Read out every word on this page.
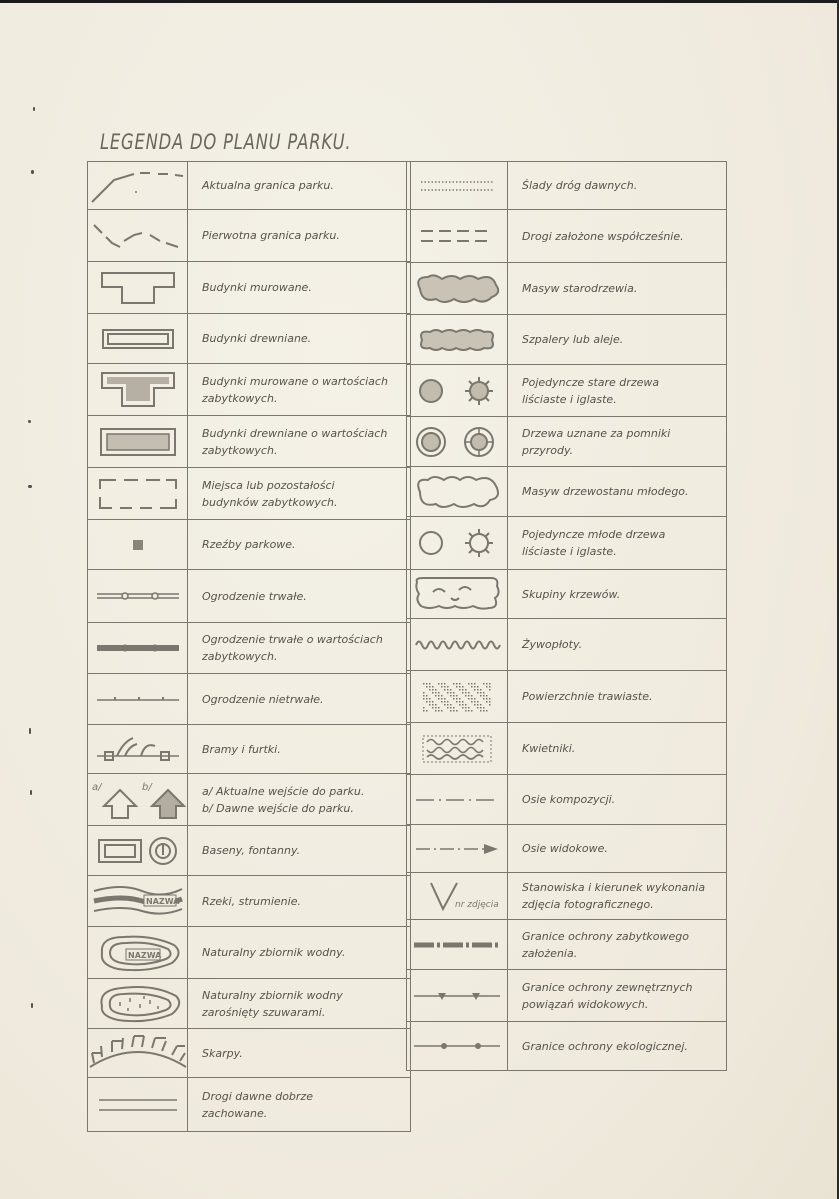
LEGENDA DO PLANU PARKU.
Aktualna granica parku.
Pierwotna granica parku.
Budynki murowane.
Budynki drewniane.
Budynki murowane o wartościach
zabytkowych.
Budynki drewniane o wartościach
zabytkowych.
Miejsca lub pozostałości
budynków zabytkowych.
Rzeźby parkowe.
Ogrodzenie trwałe.
Ogrodzenie trwałe o wartościach
zabytkowych.
Ogrodzenie nietrwałe.
Bramy i furtki.
a/	b/	a/ Aktualne wejście do parku.
b/ Dawne wejście do parku.
Baseny, fontanny.
NAZWA	Rzeki, strumienie.
NAZWA	Naturalny zbiornik wodny.
Naturalny zbiornik wodny
zarośnięty szuwarami.
Skarpy.
Drogi dawne dobrze
zachowane.
Ślady dróg dawnych.
Drogi założone współcześnie.
Masyw starodrzewia.
Szpalery lub aleje.
Pojedyncze stare drzewa
liściaste i iglaste.
Drzewa uznane za pomniki
przyrody.
Masyw drzewostanu młodego.
Pojedyncze młode drzewa
liściaste i iglaste.
Skupiny krzewów.
Żywopłoty.
Powierzchnie trawiaste.
Kwietniki.
Osie kompozycji.
Osie widokowe.
nr zdjęcia
Stanowiska i kierunek wykonania
zdjęcia fotograficznego.
Granice ochrony zabytkowego
założenia.
Granice ochrony zewnętrznych
powiązań widokowych.
Granice ochrony ekologicznej.
